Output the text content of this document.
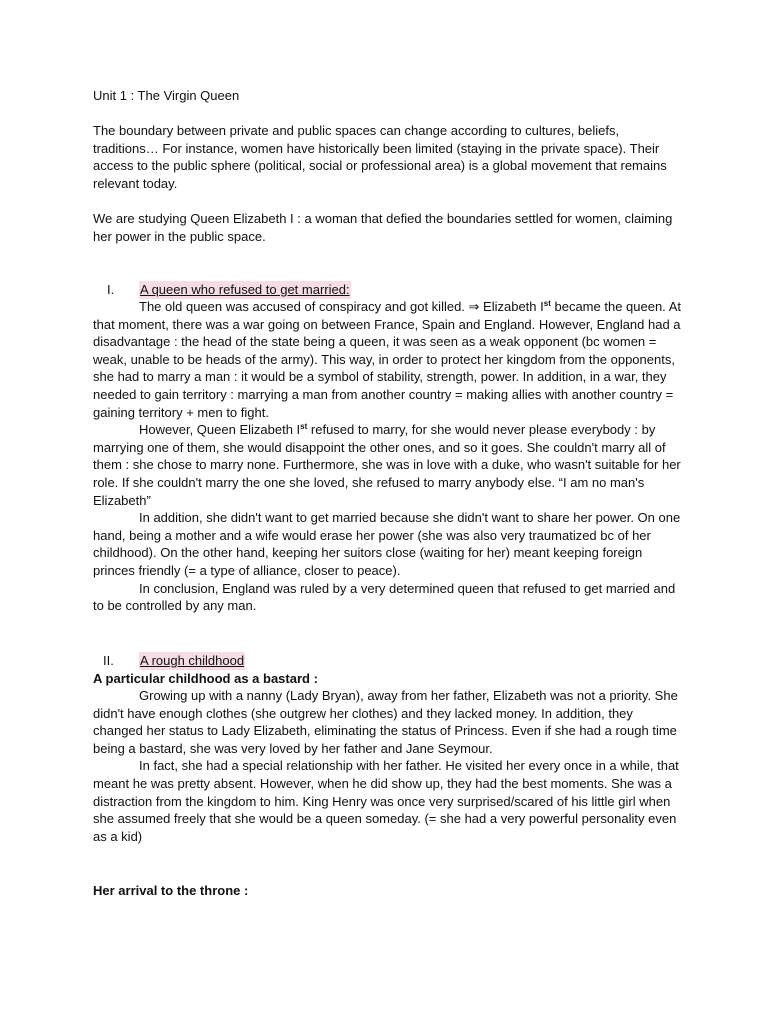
Unit 1 : The Virgin Queen

The boundary between private and public spaces can change according to cultures, beliefs, traditions… For instance, women have historically been limited (staying in the private space). Their access to the public sphere (political, social or professional area) is a global movement that remains relevant today.

We are studying Queen Elizabeth I : a woman that defied the boundaries settled for women, claiming her power in the public space.

I. A queen who refused to get married:

The old queen was accused of conspiracy and got killed. ⇒ Elizabeth Ist became the queen. At that moment, there was a war going on between France, Spain and England. However, England had a disadvantage : the head of the state being a queen, it was seen as a weak opponent (bc women = weak, unable to be heads of the army). This way, in order to protect her kingdom from the opponents, she had to marry a man : it would be a symbol of stability, strength, power. In addition, in a war, they needed to gain territory : marrying a man from another country = making allies with another country = gaining territory + men to fight.

However, Queen Elizabeth Ist refused to marry, for she would never please everybody : by marrying one of them, she would disappoint the other ones, and so it goes. She couldn't marry all of them : she chose to marry none. Furthermore, she was in love with a duke, who wasn't suitable for her role. If she couldn't marry the one she loved, she refused to marry anybody else. “I am no man's Elizabeth”

In addition, she didn't want to get married because she didn't want to share her power. On one hand, being a mother and a wife would erase her power (she was also very traumatized bc of her childhood). On the other hand, keeping her suitors close (waiting for her) meant keeping foreign princes friendly (= a type of alliance, closer to peace).

In conclusion, England was ruled by a very determined queen that refused to get married and to be controlled by any man.

II. A rough childhood

A particular childhood as a bastard :

Growing up with a nanny (Lady Bryan), away from her father, Elizabeth was not a priority. She didn't have enough clothes (she outgrew her clothes) and they lacked money. In addition, they changed her status to Lady Elizabeth, eliminating the status of Princess. Even if she had a rough time being a bastard, she was very loved by her father and Jane Seymour.

In fact, she had a special relationship with her father. He visited her every once in a while, that meant he was pretty absent. However, when he did show up, they had the best moments. She was a distraction from the kingdom to him. King Henry was once very surprised/scared of his little girl when she assumed freely that she would be a queen someday. (= she had a very powerful personality even as a kid)

Her arrival to the throne :
